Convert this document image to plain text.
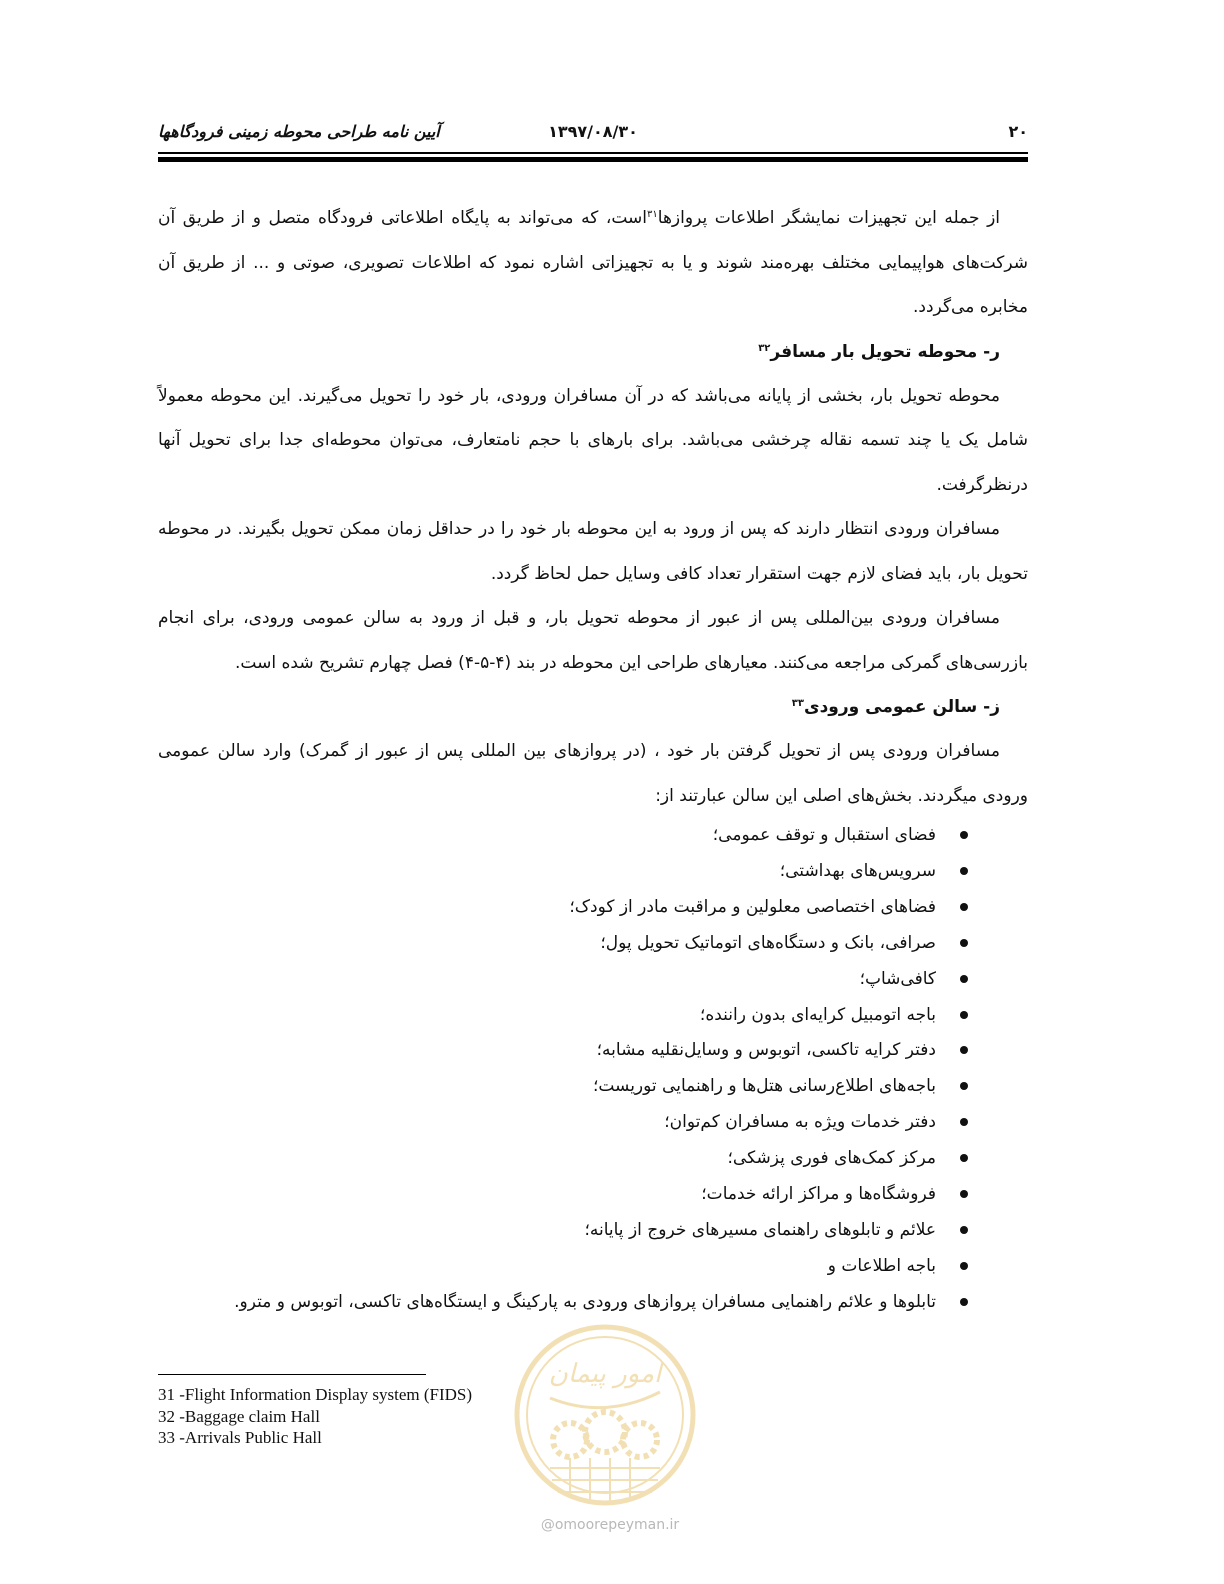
۲۰
۱۳۹۷/۰۸/۳۰
آیین نامه طراحی محوطه زمینی فرودگاهها

از جمله این تجهیزات نمایشگر اطلاعات پروازها$^{۳۱}$است، که می‌تواند به پایگاه اطلاعاتی فرودگاه متصل و از طریق آن شرکت‌های هواپیمایی مختلف بهره‌مند شوند و یا به تجهیزاتی اشاره نمود که اطلاعات تصویری، صوتی و ... از طریق آن مخابره می‌گردد.

ر- محوطه تحویل بار مسافر$^{۳۲}$

محوطه تحویل بار، بخشی از پایانه می‌باشد که در آن مسافران ورودی، بار خود را تحویل می‌گیرند. این محوطه معمولاً شامل یک یا چند تسمه نقاله چرخشی می‌باشد. برای بارهای با حجم نامتعارف، می‌توان محوطه‌ای جدا برای تحویل آنها درنظرگرفت.

مسافران ورودی انتظار دارند که پس از ورود به این محوطه بار خود را در حداقل زمان ممکن تحویل بگیرند. در محوطه تحویل بار، باید فضای لازم جهت استقرار تعداد کافی وسایل حمل لحاظ گردد.

مسافران ورودی بین‌المللی پس از عبور از محوطه تحویل بار، و قبل از ورود به سالن عمومی ورودی، برای انجام بازرسی‌های گمرکی مراجعه می‌کنند. معیارهای طراحی این محوطه در بند (۴-۵-۴) فصل چهارم تشریح شده است.

ز- سالن عمومی ورودی$^{۳۳}$

مسافران ورودی پس از تحویل گرفتن بار خود ، (در پروازهای بین المللی پس از عبور از گمرک) وارد سالن عمومی ورودی میگردند. بخش‌های اصلی این سالن عبارتند از:

فضای استقبال و توقف عمومی؛
سرویس‌های بهداشتی؛
فضاهای اختصاصی معلولین و مراقبت مادر از کودک؛
صرافی، بانک و دستگاه‌های اتوماتیک تحویل پول؛
کافی‌شاپ؛
باجه اتومبیل کرایه‌ای بدون راننده؛
دفتر کرایه تاکسی، اتوبوس و وسایل‌نقلیه مشابه؛
باجه‌های اطلاع‌رسانی هتل‌ها و راهنمایی توریست؛
دفتر خدمات ویژه به مسافران کم‌توان؛
مرکز کمک‌های فوری پزشکی؛
فروشگاه‌ها و مراکز ارائه خدمات؛
علائم و تابلوهای راهنمای مسیرهای خروج از پایانه؛
باجه اطلاعات و
تابلوها و علائم راهنمایی مسافران پروازهای ورودی به پارکینگ و ایستگاه‌های تاکسی، اتوبوس و مترو.
31 -Flight Information Display system (FIDS)
32 -Baggage claim Hall
33 -Arrivals Public Hall
امور پیمان
@omoorepeyman.ir
